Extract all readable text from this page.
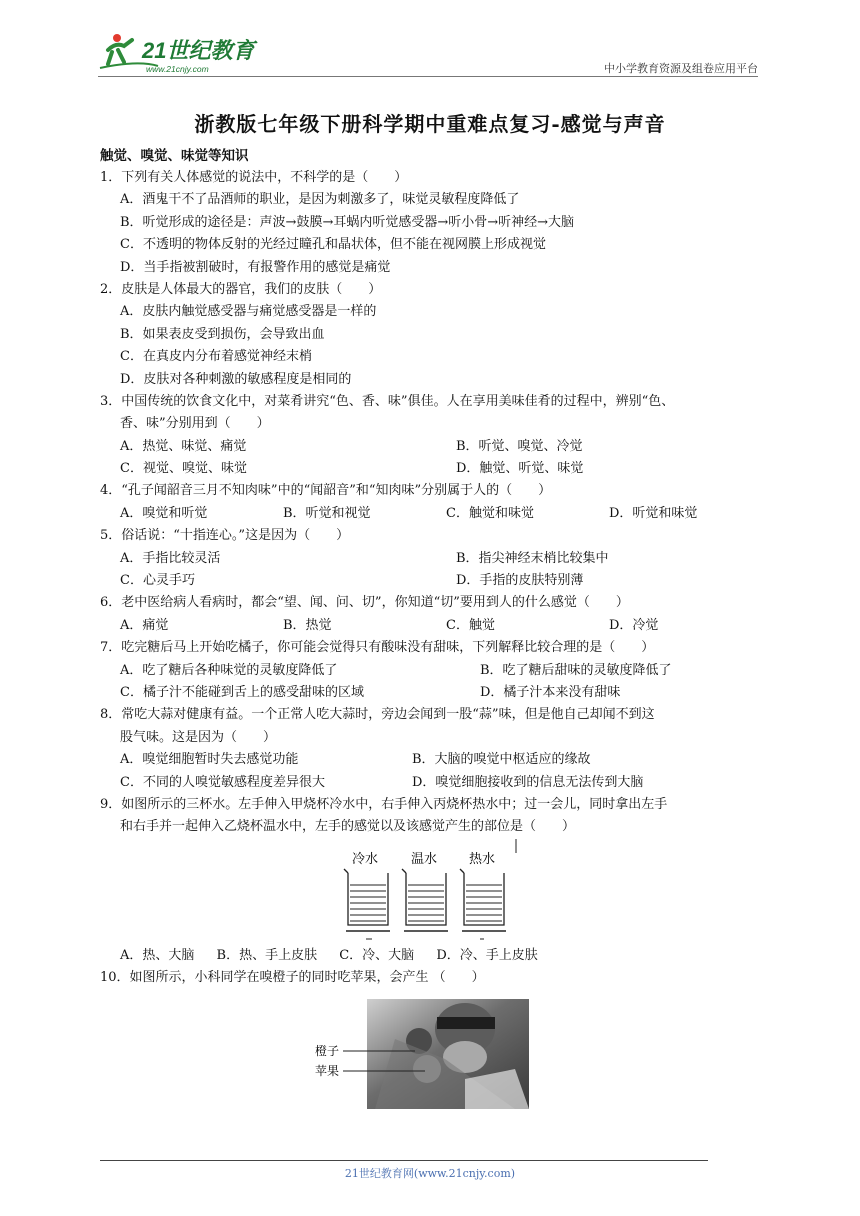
21世纪教育
www.21cnjy.com	中小学教育资源及组卷应用平台
浙教版七年级下册科学期中重难点复习-感觉与声音
触觉、嗅觉、味觉等知识
1．下列有关人体感觉的说法中，不科学的是（　　）
A．酒鬼干不了品酒师的职业，是因为刺激多了，味觉灵敏程度降低了
B．听觉形成的途径是：声波→鼓膜→耳蜗内听觉感受器→听小骨→听神经→大脑
C．不透明的物体反射的光经过瞳孔和晶状体，但不能在视网膜上形成视觉
D．当手指被割破时，有报警作用的感觉是痛觉
2．皮肤是人体最大的器官，我们的皮肤（　　）
A．皮肤内触觉感受器与痛觉感受器是一样的
B．如果表皮受到损伤，会导致出血
C．在真皮内分布着感觉神经末梢
D．皮肤对各种刺激的敏感程度是相同的
3．中国传统的饮食文化中，对菜肴讲究“色、香、味”俱佳。人在享用美味佳肴的过程中，辨别“色、
香、味”分别用到（　　）
A．热觉、味觉、痛觉	B．听觉、嗅觉、冷觉
C．视觉、嗅觉、味觉	D．触觉、听觉、味觉
4．“孔子闻韶音三月不知肉味”中的“闻韶音”和“知肉味”分别属于人的（　　）
A．嗅觉和听觉	B．听觉和视觉	C．触觉和味觉	D．听觉和味觉
5．俗话说：“十指连心。”这是因为（　　）
A．手指比较灵活	B．指尖神经末梢比较集中
C．心灵手巧	D．手指的皮肤特别薄
6．老中医给病人看病时，都会“望、闻、问、切”，你知道“切”要用到人的什么感觉（　　）
A．痛觉	B．热觉	C．触觉	D．冷觉
7．吃完糖后马上开始吃橘子，你可能会觉得只有酸味没有甜味，下列解释比较合理的是（　　）
A．吃了糖后各种味觉的灵敏度降低了	B．吃了糖后甜味的灵敏度降低了
C．橘子汁不能碰到舌上的感受甜味的区域	D．橘子汁本来没有甜味
8．常吃大蒜对健康有益。一个正常人吃大蒜时，旁边会闻到一股“蒜”味，但是他自己却闻不到这
股气味。这是因为（　　）
A．嗅觉细胞暂时失去感觉功能	B．大脑的嗅觉中枢适应的缘故
C．不同的人嗅觉敏感程度差异很大	D．嗅觉细胞接收到的信息无法传到大脑
9．如图所示的三杯水。左手伸入甲烧杯冷水中，右手伸入丙烧杯热水中；过一会儿，同时拿出左手
和右手并一起伸入乙烧杯温水中，左手的感觉以及该感觉产生的部位是（　　）
冷水	温水 热水
A．热、大脑 B．热、手上皮肤 C．冷、大脑 D．冷、手上皮肤
10．如图所示，小科同学在嗅橙子的同时吃苹果，会产生 （　　）
橙子
苹果
21世纪教育网(www.21cnjy.com)
